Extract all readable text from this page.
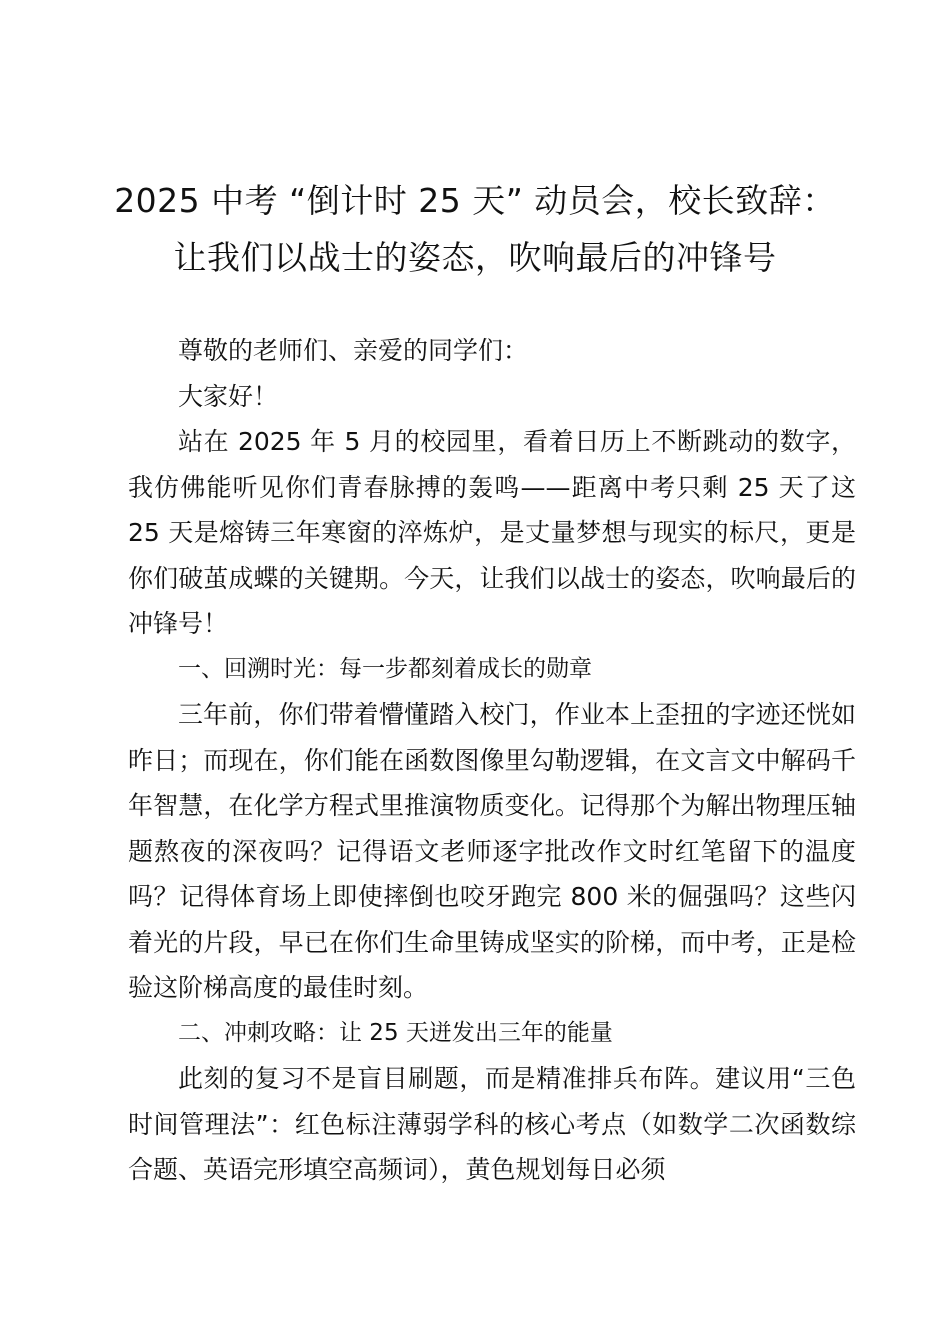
2025 中考 “倒计时 25 天” 动员会，校长致辞：让我们以战士的姿态，吹响最后的冲锋号

尊敬的老师们、亲爱的同学们：

大家好！

站在 2025 年 5 月的校园里，看着日历上不断跳动的数字，我仿佛能听见你们青春脉搏的轰鸣——距离中考只剩 25 天了这 25 天是熔铸三年寒窗的淬炼炉，是丈量梦想与现实的标尺，更是你们破茧成蝶的关键期。今天，让我们以战士的姿态，吹响最后的冲锋号！

一、回溯时光：每一步都刻着成长的勋章

三年前，你们带着懵懂踏入校门，作业本上歪扭的字迹还恍如昨日；而现在，你们能在函数图像里勾勒逻辑，在文言文中解码千年智慧，在化学方程式里推演物质变化。记得那个为解出物理压轴题熬夜的深夜吗？记得语文老师逐字批改作文时红笔留下的温度吗？记得体育场上即使摔倒也咬牙跑完 800 米的倔强吗？这些闪着光的片段，早已在你们生命里铸成坚实的阶梯，而中考，正是检验这阶梯高度的最佳时刻。

二、冲刺攻略：让 25 天迸发出三年的能量

此刻的复习不是盲目刷题，而是精准排兵布阵。建议用“三色时间管理法”：红色标注薄弱学科的核心考点（如数学二次函数综合题、英语完形填空高频词），黄色规划每日必须
